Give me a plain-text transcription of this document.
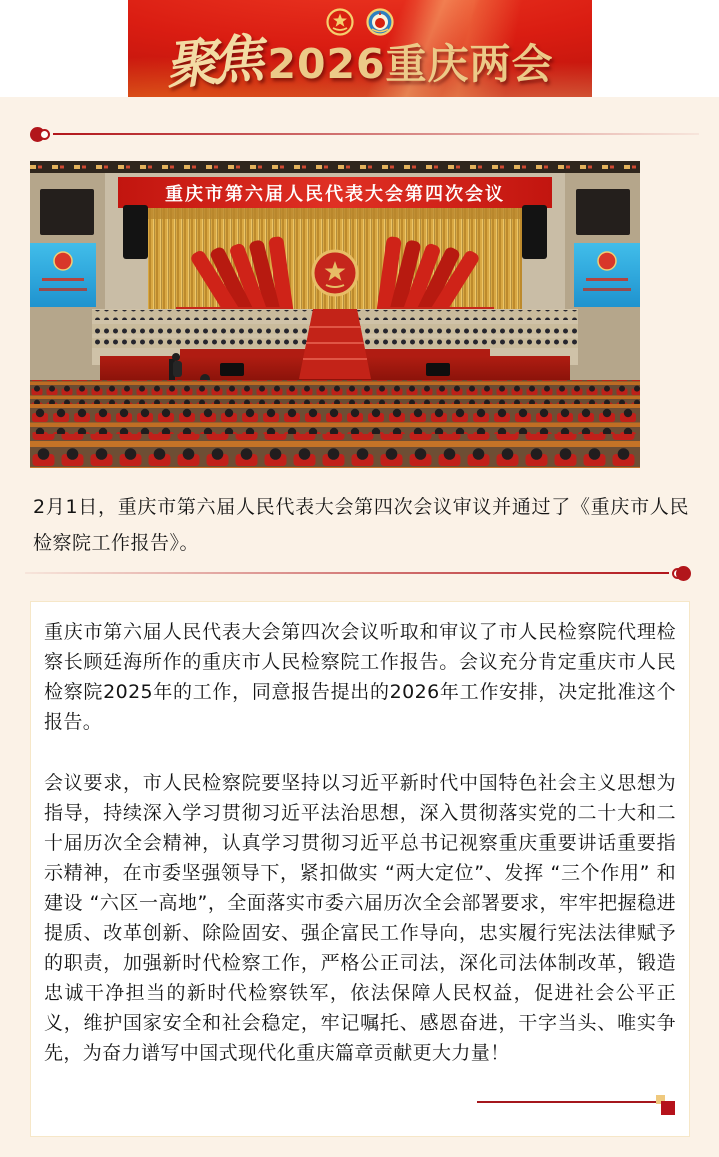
聚焦 2026重庆两会
重庆市第六届人民代表大会第四次会议

2月1日，重庆市第六届人民代表大会第四次会议审议并通过了《重庆市人民检察院工作报告》。

重庆市第六届人民代表大会第四次会议听取和审议了市人民检察院代理检察长顾廷海所作的重庆市人民检察院工作报告。会议充分肯定重庆市人民检察院2025年的工作，同意报告提出的2026年工作安排，决定批准这个报告。

会议要求，市人民检察院要坚持以习近平新时代中国特色社会主义思想为指导，持续深入学习贯彻习近平法治思想，深入贯彻落实党的二十大和二十届历次全会精神，认真学习贯彻习近平总书记视察重庆重要讲话重要指示精神，在市委坚强领导下，紧扣做实 “两大定位”、发挥 “三个作用” 和建设 “六区一高地”，全面落实市委六届历次全会部署要求，牢牢把握稳进提质、改革创新、除险固安、强企富民工作导向，忠实履行宪法法律赋予的职责，加强新时代检察工作，严格公正司法，深化司法体制改革，锻造忠诚干净担当的新时代检察铁军，依法保障人民权益，促进社会公平正义，维护国家安全和社会稳定，牢记嘱托、感恩奋进，干字当头、唯实争先，为奋力谱写中国式现代化重庆篇章贡献更大力量！
